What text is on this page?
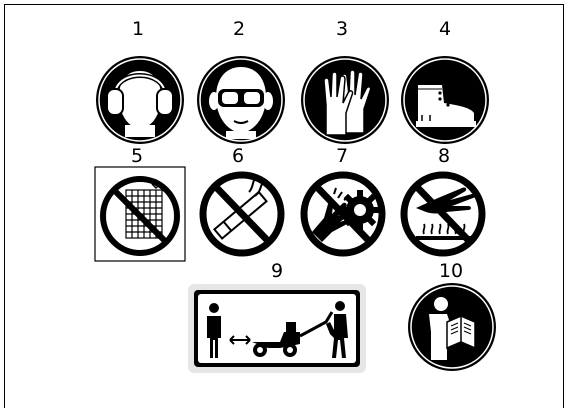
1	2	3	4
5	6	7	8
9	10
